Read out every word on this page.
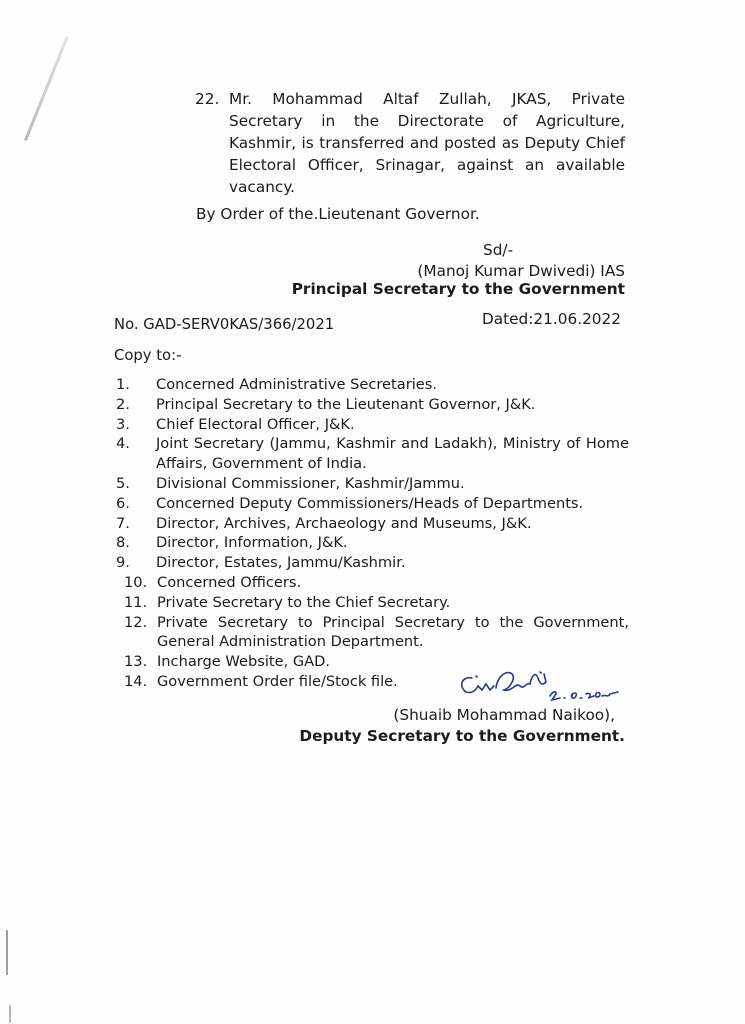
22. Mr. Mohammad Altaf Zullah, JKAS, Private Secretary in the Directorate of Agriculture, Kashmir, is transferred and posted as Deputy Chief Electoral Officer, Srinagar, against an available vacancy.
By Order of the.Lieutenant Governor.
Sd/-
(Manoj Kumar Dwivedi) IAS
Principal Secretary to the Government
No. GAD-SERV0KAS/366/2021	Dated:21.06.2022
Copy to:-
1. Concerned Administrative Secretaries.
2. Principal Secretary to the Lieutenant Governor, J&K.
3. Chief Electoral Officer, J&K.
4. Joint Secretary (Jammu, Kashmir and Ladakh), Ministry of Home Affairs, Government of India.
5. Divisional Commissioner, Kashmir/Jammu.
6. Concerned Deputy Commissioners/Heads of Departments.
7. Director, Archives, Archaeology and Museums, J&K.
8. Director, Information, J&K.
9. Director, Estates, Jammu/Kashmir.
10. Concerned Officers.
11. Private Secretary to the Chief Secretary.
12. Private Secretary to Principal Secretary to the Government, General Administration Department.
13. Incharge Website, GAD.
14. Government Order file/Stock file.
(Shuaib Mohammad Naikoo),
Deputy Secretary to the Government.
